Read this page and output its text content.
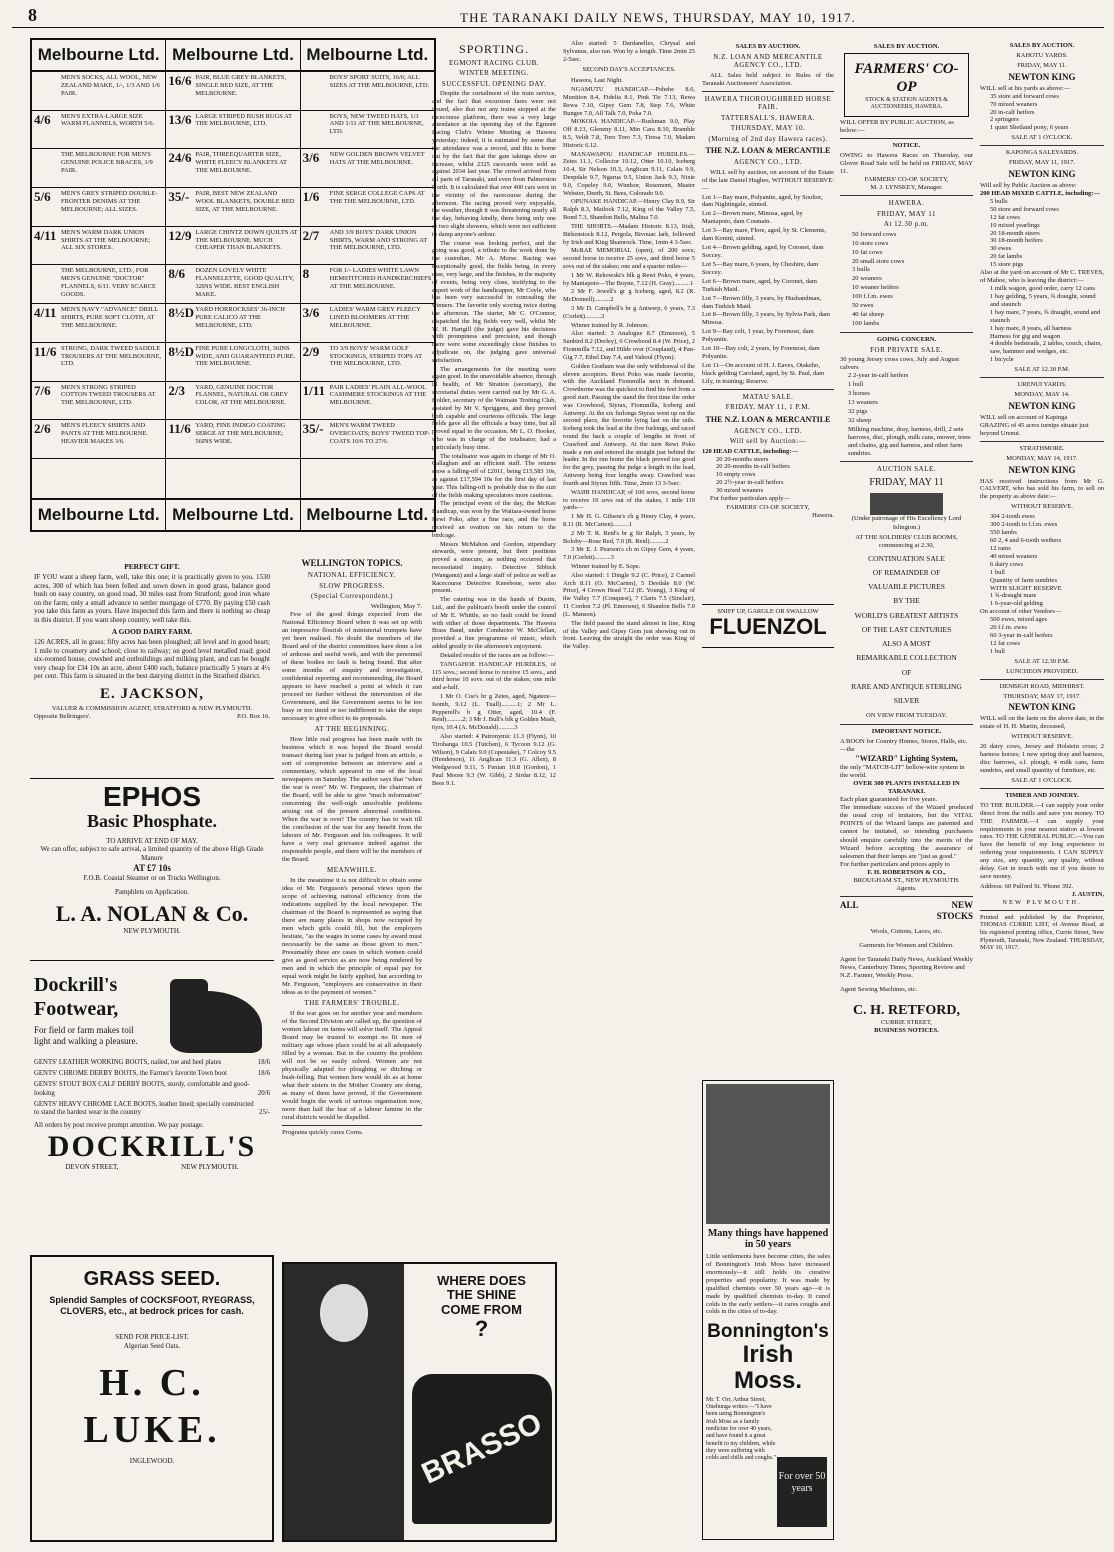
8	THE TARANAKI DAILY NEWS, THURSDAY, MAY 10, 1917.
Melbourne Ltd. Melbourne Ltd. Melbourne Ltd.
MEN'S SOCKS, ALL WOOL, NEW ZEALAND MAKE, 1/-, 1/3 AND 1/6 PAIR.
4/6	MEN'S EXTRA-LARGE SIZE WARM FLANNELS, WORTH 5/6.
THE MELBOURNE FOR MEN'S GENUINE POLICE BRACES, 1/9 PAIR.
5/6	MEN'S GREY STRIPED DOUBLE-FRONTER DENIMS AT THE MELBOURNE; ALL SIZES.
4/11 MEN'S WARM DARK UNION SHIRTS AT THE MELBOURNE; ALL SIX STORES.
THE MELBOURNE, LTD., FOR MEN'S GENUINE "DOCTOR" FLANNELS, 6/11. VERY SCARCE GOODS.
4/11 MEN'S NAVY "ADVANCE" DRILL SHIRTS, PURE SOFT CLOTH, AT THE MELBOURNE.
11/6 STRONG, DARK TWEED SADDLE TROUSERS AT THE MELBOURNE, LTD.
7/6	MEN'S STRONG STRIPED COTTON TWEED TROUSERS AT THE MELBOURNE, LTD.
2/6	MEN'S FLEECY SHIRTS AND PANTS AT THE MELBOURNE. HEAVIER MAKES 3/6.
16/6 PAIR, BLUE GREY BLANKETS, SINGLE BED SIZE, AT THE MELBOURNE.
13/6 LARGE STRIPED BUSH RUGS AT THE MELBOURNE, LTD.
24/6 PAIR, THREEQUARTER SIZE, WHITE FLEECY BLANKETS AT THE MELBOURNE.
35/- PAIR, BEST NEW ZEALAND WOOL BLANKETS, DOUBLE BED SIZE, AT THE MELBOURNE.
12/9 LARGE CHINTZ DOWN QUILTS AT THE MELBOURNE. MUCH CHEAPER THAN BLANKETS.
8/6	DOZEN LOVELY WHITE FLANNELETTE, GOOD QUALITY, 32INS WIDE. BEST ENGLISH MAKE.
8½D YARD HORROCKSES' 36-INCH PURE CALICO AT THE MELBOURNE, LTD.
8½D FINE PURE LONGCLOTH, 36INS WIDE, AND GUARANTEED PURE. THE MELBOURNE.
2/3	YARD, GENUINE DOCTOR FLANNEL, NATURAL OR GREY COLOR, AT THE MELBOURNE.
11/6 YARD, FINE INDIGO COATING SERGE AT THE MELBOURNE; 56INS WIDE.
BOYS' SPORT SUITS, 16/6; ALL SIZES AT THE MELBOURNE, LTD.
BOYS, NEW TWEED HATS, 1/3 AND 1/11 AT THE MELBOURNE, LTD.
3/6	NEW GOLDEN BROWN VELVET HATS AT THE MELBOURNE.
1/6	FINE SERGE COLLEGE CAPS AT THE THE MELBOURNE, LTD.
2/7	AND 3/9 BOYS' DARK UNION SHIRTS, WARM AND STRONG AT THE MELBOURNE, LTD.
8	FOR 1/- LADIES WHITE LAWN HEMSTITCHED HANDKERCHIEFS AT THE MELBOURNE.
3/6	LADIES' WARM GREY FLEECY LINED BLOOMERS AT THE MELBOURNE.
2/9	TO 3/9 BOYS' WARM GOLF STOCKINGS, STRIPED TOPS AT THE MELBOURNE, LTD.
1/11 PAIR LADIES' PLAIN ALL-WOOL CASHMERE STOCKINGS AT THE MELBOURNE.
35/- MEN'S WARM TWEED OVERCOATS; BOYS' TWEED TOP-COATS 10/6 TO 27/6.
Melbourne Ltd. Melbourne Ltd. Melbourne Ltd.
PERFECT GIFT.

IF YOU want a sheep farm, well, take this one; it is practically given to you. 1530 acres, 300 of which has been felled and sown down in good grass, balance good bush on easy country, on good road, 30 miles east from Stratford; good iron whare on the farm; only a small advance to settler mortgage of £770. By paying £50 cash you take this farm as yours. Have inspected this farm and there is nothing so cheap in this district. If you want sheep country, well take this.

A GOOD DAIRY FARM.

126 ACRES, all in grass; fifty acres has been ploughed; all level and in good heart; 1 mile to creamery and school; close to railway; on good level metalled road; good six-roomed house, cowshed and outbuildings and milking plant, and can be bought very cheap for £34 10s an acre, about £400 each, balance practically 5 years at 4½ per cent. This farm is situated in the best dairying district in the Stratford district.

E. JACKSON,
VALUER & COMMISSION AGENT, STRATFORD & NEW PLYMOUTH.
Opposite Bellringers'.	P.O. Box 16.
EPHOS
Basic Phosphate.
TO ARRIVE AT END OF MAY.
We can offer, subject to safe arrival, a limited quantity of the above High Grade Manure
AT £7 10s
F.O.B. Coastal Steamer or on Trucks Wellington.
Pamphlets on Application.
L. A. NOLAN & Co.
NEW PLYMOUTH.
Dockrill's
Footwear,
For field or farm makes toil light and walking a pleasure.
GENTS' LEATHER WORKING BOOTS, nailed, toe and heel plates	18/6
GENTS' CHROME DERBY BOOTS, the Farmer's favorite Town boot	18/6
GENTS' STOUT BOX CALF DERBY BOOTS, sturdy, comfortable and good-looking	20/6
GENTS' HEAVY CHROME LACE BOOTS, leather lined; specially constructed to stand the hardest wear in the country	25/-
All orders by post receive prompt attention. We pay postage.
DOCKRILL'S
DEVON STREET,	NEW PLYMOUTH.
GRASS SEED.
Splendid Samples of COCKSFOOT, RYEGRASS, CLOVERS, etc., at bedrock prices for cash.
SEND FOR PRICE-LIST.
Algerian Seed Oats.
H. C. LUKE.
INGLEWOOD.
WELLINGTON TOPICS.
NATIONAL EFFICIENCY.
SLOW PROGRESS.
(Special Correspondent.)
Wellington, May 7.

Few of the good things expected from the National Efficiency Board when it was set up with an impressive flourish of ministerial trumpets have yet been realised. No doubt the members of the Board and of the district committees have done a lot of arduous and useful work, and with the personnel of these bodies no fault is being found. But after some months of enquiry and investigation, confidential reporting and recommending, the Board appears to have reached a point at which it can proceed no further without the intervention of the Government, and the Government seems to be too busy or too timid or too indifferent to take the steps necessary to give effect to its proposals.

AT THE BEGINNING.

How little real progress has been made with its business which it was hoped the Board would transact during last year is judged from an article, a sort of compromise between an interview and a commentary, which appeared in one of the local newspapers on Saturday. The author says that "when the war is over" Mr. W. Ferguson, the chairman of the Board, will be able to give "much information" concerning the well-nigh unsolvable problems arising out of the present abnormal conditions. When the war is over! The country has to wait till the conclusion of the war for any benefit from the labours of Mr. Ferguson and his colleagues. It will have a very real grievance indeed against the responsible people, and there will be the members of the Board.

MEANWHILE.

In the meantime it is not difficult to obtain some idea of Mr. Ferguson's personal views upon the scope of achieving national efficiency from the indications supplied by the local newspaper. The chairman of the Board is represented as saying that there are many places in shops now occupied by men which girls could fill, but the employers hesitate, "as the wages in some cases by award must necessarily be the same as those given to men." Presumably these are cases in which women could give as good service as are now being rendered by men and in which the principle of equal pay for equal work might be fairly applied, but according to Mr. Ferguson, "employers are conservative in their ideas as to the payment of women."

THE FARMERS' TROUBLE.

If the war goes on for another year and members of the Second Division are called up, the question of women labour on farms will solve itself. The Appeal Board may be trusted to exempt no fit men of military age whose place could be at all adequately filled by a woman. But in the country the problem will not be so easily solved. Women are not physically adapted for ploughing or ditching or bush-felling. But women here would do as at home what their sisters in the Mother Country are doing, as many of them have proved, if the Government would begin the work of serious organisation now, more than half the fear of a labour famine in the rural districts would be dispelled.

Programs quickly cures Corns.
WHERE DOES
THE SHINE
COME FROM
?
BRASSO
SPORTING.
EGMONT RACING CLUB.
WINTER MEETING.
SUCCESSFUL OPENING DAY.

Despite the curtailment of the train service, and the fact that excursion fares were not issued, also that not any trains stopped at the racecourse platform, there was a very large attendance at the opening day of the Egmont Racing Club's Winter Meeting at Hawera yesterday; indeed, it is estimated by some that the attendance was a record, and this is borne out by the fact that the gate takings show an increase, whilst 2325 racecards were sold as against 2034 last year. The crowd arrived from all parts of Taranaki, and even from Palmerston North. It is calculated that over 400 cars were in the vicinity of the racecourse during the afternoon. The racing proved very enjoyable, the weather, though it was threatening nearly all the day, behaving kindly, there being only one or two slight showers, which were not sufficient to damp anyone's ardour.

The course was looking perfect, and the going was good, a tribute to the work done by the custodian, Mr A. Morse. Racing was exceptionally good, the fields being, in every case, very large, and the finishes, in the majority of events, being very close, testifying to the expert work of the handicapper, Mr Coyle, who has been very successful in concealing the winners. The favorite only scoring twice during the afternoon. The starter, Mr C. O'Connor, dispatched the big fields very well, whilst Mr W. H. Hartgill (the judge) gave his decisions with promptness and precision, and though there were some exceedingly close finishes to adjudicate on, the judging gave universal satisfaction.

The arrangements for the meeting were again good. In the unavoidable absence, through ill health, of Mr Stratton (secretary), the secretarial duties were carried out by Mr G. A. Holder, secretary of the Waimate Trotting Club, assisted by Mr V. Spriggens, and they proved both capable and courteous officials. The large fields gave all the officials a busy time, but all proved equal to the occasion. Mr L. O. Hooker, who was in charge of the totalisator, had a particularly busy time.

The totalisator was again in charge of Mr O. Callaghan and an efficient staff. The returns show a falling-off of £2011, being £15,583 10s, as against £17,594 10s for the first day of last year. This falling-off is probably due to the size of the fields making speculators more cautious.

The principal event of the day, the McKee Handicap, was won by the Waitara-owned horse Rewi Poko, after a fine race, and the horse received an ovation on his return to the birdcage.

Messrs McMahon and Gordon, stipendiary stewards, were present, but their positions proved a sinecure, as nothing occurred that necessitated inquiry. Detective Sibbick (Wanganui) and a large staff of police as well as Racecourse Detective Kneebone, were also present.

The catering was in the hands of Dustin, Ltd., and the publican's booth under the control of Mr E. Whittle, so no fault could be found with either of those departments. The Hawera Brass Band, under Conductor W. McClellan, provided a fine programme of music, which added greatly to the afternoon's enjoyment.

Detailed results of the races are as follow:—

TANGAHOE HANDICAP HURDLES, of 115 sovs.; second horse to receive 15 sovs., and third horse 10 sovs. out of the stakes; one mile and a-half.

1 Mr O. Coe's br g Zetes, aged, Ngateze—Isomb, 9.12 (L. Tuall)..........1; 2 Mr L. Pepperell's b g Otter, aged, 10.4 (F. Reid)..........2; 3 Mr J. Bull's blk g Golden Mash, 6yrs, 10.4 (A. McDonald)..........3

Also started: 4 Patronymic 11.3 (Flynn), 10 Tirohanga 10.5 (Tutchen), 6 Tycoon 9.12 (G. Wilson), 9 Calais 9.0 (Copestake), 7 Colcoy 9.5 (Henderson), 11 Anglican 11.3 (G. Allen), 8 Wedgwood 9.11, 5 Fenian 10.8 (Gordon), 1 Paul Moore 9.3 (W. Gibb), 2 Sirdar 8.12, 12 Bees 9.1.

Also started: 5 Dardanelles, Chrysal and Sylvanus, also ran. Won by a length. Time 2min 25 2-5sec.

SECOND DAY'S ACCEPTANCES.

Hawera, Last Night.

NGAMUTU HANDICAP.—Pohehe 8.6, Munition 8.4, Fidelia 8.1, Pink Tie 7.13, Rewa Rewa 7.10, Gipsy Gem 7.8, Step 7.6, White Bungee 7.0, All Talk 7.0, Poka 7.0.

MOKOIA HANDICAP.—Bushman 9.0, Play Off 8.13, Gleneny 8.11, Min Cara 8.10, Bramble 8.5, Veldt 7.8, Toro Toro 7.3, Tiresa 7.0, Madam Historic 6.12.

MANAWAPOU HANDICAP HURDLES.—Zetes 11.1, Collector 10.12, Otter 10.10, Iceberg 10.4, Sir Nelson 10.3, Anglican 9.11, Calais 9.9, Deepdale 9.7, Ngarua 9.5, Union Jack 9.3, Nixie 9.0, Copeley 9.0, Windsor, Rosemont, Master Webster, Deeth, St. Bees, Colorado 9.0.

OPUNAKE HANDICAP.—Henry Clay 8.9, Sir Ralph 8.3, Matlock 7.12, King of the Valley 7.5, Bond 7.3, Shandon Bells, Malina 7.0.

THE SHORTS.—Madam Historic 8.13, Irish, Birkenstock 8.12, Pergola, Bivouac lark, followed by Irish and King Shamrock. Time, 1min 4 3-5sec.

McRAE MEMORIAL (open), of 200 sovs; second horse to receive 25 sovs, and third horse 5 sovs out of the stakes; one and a quarter miles—

1 Mr W. Rekowski's blk g Rewi Poko, 4 years, by Maniapoto—The Boyne, 7.12 (H. Gray)..........1

2 Mr F. Jewell's gr g Iceberg, aged, 8.2 (R. McDonnell)..........2

3 Mr D. Campbell's br g Antwerp, 6 years, 7.3 (Corlett)..........3

Winner trained by R. Johnson.

Also started: 3 Analogue 8.7 (Emerson), 5 Sunbird 8.2 (Derley), 6 Crowbood 8.4 (W. Price), 2 Fiommilla 7.12, and Hilde over (Coupland), 4 Pan-Gig 7.7, Ethel Day 7.4, and Vahoul (Flynn).

Golden Gratham was the only withdrawal of the eleven acceptors. Rewi Poko was made favorite, with the Auckland Fiommilla next in demand. Crowthorne was the quickest to find his feet from a good start. Passing the stand the first time the order was Crowbood, Styrax, Fiommilla, Iceberg and Antwerp. At the six furlongs Styrax went up on the second place, the favorite lying last on the rails. Iceberg took the lead at the five furlongs, and raced round the back a couple of lengths in front of Crawford and Antwerp. At the turn Rewi Poko made a run and entered the straight just behind the leader. In the run home the black proved too good for the grey, passing the judge a length in the lead, Antwerp being four lengths away. Crawford was fourth and Styrax fifth. Time, 2min 13 3-5sec.

WAIHI HANDICAP, of 100 sovs, second horse to receive 10 sovs out of the stakes, 1 mile 110 yards—

1 Mr H. G. Gibson's ch g Henry Clay, 4 years, 8.11 (R. McCarten)..........1

2 Mr T. R. Reid's br g Sir Ralph, 3 years, by Boloby—Rose Red, 7.0 (R. Reid)..........2

3 Mr E. J. Pearson's ch m Gipsy Gem, 4 years, 7.0 (Corlett)..........3

Winner trained by E. Sope.

Also started: 1 Dingle 9.2 (C. Price), 2 Carmel Arch 8.11 (O. McCarten), 5 Deedale 8.0 (W. Price), 4 Crown Head 7.12 (E. Young), 3 King of the Valley 7.7 (Conquest), 7 Clarts 7.5 (Sinclair), 11 Cordon 7.2 (Pl. Emerson), 6 Shandon Bells 7.0 (L. Manson).

The field passed the stand almost in line, King of the Valley and Gipsy Gem just showing out in front. Leaving the straight the order was King of the Valley.

SALES BY AUCTION.
N.Z. LOAN AND MERCANTILE AGENCY CO., LTD.

ALL Sales held subject to Rules of the Taranaki Auctioneers' Association.

HAWERA THOROUGHBRED HORSE FAIR.
TATTERSALL'S, HAWERA.
THURSDAY, MAY 10.
(Morning of 2nd day Hawera races).
THE N.Z. LOAN & MERCANTILE
AGENCY CO., LTD.

WILL sell by auction, on account of the Estate of the late Daniel Hughes, WITHOUT RESERVE:—

Lot 1—Bay mare, Polyanite, aged, by Soultor, dam Nightingale, stinted.
Lot 2—Brown mare, Minosa, aged, by Maniapoto, dam Cosmain.
Lot 3—Bay mare, Flore, aged, by St. Clements, dam Konini, stinted.
Lot 4—Brown gelding, aged, by Coronet, dam Soccey.
Lot 5—Bay mare, 6 years, by Cheshire, dam Soccey.
Lot 6—Brown mare, aged, by Coronet, dam Turkish Maid.
Lot 7—Brown filly, 3 years, by Husbandman, dam Turkish Maid.
Lot 8—Brown filly, 3 years, by Sylvia Park, dam Minosa.
Lot 9—Bay colt, 1 year, by Foremost, dam Polyanite.
Lot 10—Bay colt, 2 years, by Foremost, dam Polyanite.
Lot 11—On account of H. J. Eaves, Otakeho, black gelding Caroland, aged, by St. Paul, dam Lily, in training; Reserve.
MATAU SALE.
FRIDAY, MAY 11, 1 P.M.
THE N.Z. LOAN & MERCANTILE
AGENCY CO., LTD.
Will sell by Auction:—
120 HEAD CATTLE, including:—
20 20-months steers
20 20-months in-calf heifers
10 empty cows
20 2½-year in-calf heifers
30 mixed weaners

For further particulars apply—

FARMERS' CO-OP. SOCIETY,
Hawera.
SNIFF UP, GARGLE OR SWALLOW
FLUENZOL
Many things have happened in 50 years

Little settlements have become cities, the sales of Bonnington's Irish Moss have increased enormously—it still holds its curative properties and popularity. It was made by qualified chemists over 50 years ago—it is made by qualified chemists to-day. It cured colds in the early settlers—it cures coughs and colds in the cities of to-day.

Bonnington's
Irish Moss.

Mr. T. Orr, Arthur Street, Onehunga writes:—"I have been using Bonnington's Irish Moss as a family medicine for over 40 years, and have found it a great benefit to my children, while they were suffering with colds and chills and coughs."

For over 50 years
SALES BY AUCTION.
FARMERS' CO-OP
STOCK & STATION AGENTS & AUCTIONEERS, HAWERA.

WILL OFFER BY PUBLIC AUCTION, as below:—

NOTICE.

OWING to Hawera Races on Thursday, our Glover Road Sale will be held on FRIDAY, MAY 11.

FARMERS' CO-OP. SOCIETY,
M. J. LYNSKEY, Manager.
HAWERA.
FRIDAY, MAY 11
At 12.30 p.m.
50 forward cows
10 store cows
10 fat cows
20 small store cows
3 bulls
20 weaners
10 weaner heifers
100 f.f.m. ewes
50 ewes
40 fat sheep
100 lambs
GOING CONCERN.
FOR PRIVATE SALE.

30 young Jersey cross cows, July and August calvers

2 2-year in-calf heifers
1 bull
3 horses
13 weaners
32 pigs
32 sheep

Milking machine, dray, harness, drill, 2 sets harrows, disc, plough, milk cans, mower, trees and chains, gig and harness, and other farm sundries.

AUCTION SALE.
FRIDAY, MAY 11
(Under patronage of His Excellency Lord Islington.)
AT THE SOLDIERS' CLUB ROOMS, commencing at 2.30,
CONTINUATION SALE
OF REMAINDER OF
VALUABLE PICTURES
BY THE
WORLD'S GREATEST ARTISTS
OF THE LAST CENTURIES
ALSO A MOST
REMARKABLE COLLECTION
OF
RARE AND ANTIQUE STERLING
SILVER
ON VIEW FROM TUESDAY.
IMPORTANT NOTICE.

A BOON for Country Homes, Stores, Halls, etc.—the

"WIZARD" Lighting System,

the only "MATCH-LIT" hollow-wire system in the world.

OVER 300 PLANTS INSTALLED IN TARANAKI.

Each plant guaranteed for five years.

The immediate success of the Wizard produced the usual crop of imitators, but the VITAL POINTS of the Wizard lamps are patented and cannot be imitated, so intending purchasers should enquire carefully into the merits of the Wizard before accepting the assurance of salesmen that their lamps are "just as good."

For further particulars and prices apply to

F. H. ROBERTSON & CO.,
BROUGHAM ST., NEW PLYMOUTH.
Agents.
ALL	NEW
STOCKS

Wools, Cottons, Laces, etc.

Garments for Women and Children.

Agent for Taranaki Daily News, Auckland Weekly News, Canterbury Times, Sporting Review and N.Z. Farmer, Weekly Press.

Agent Sewing Machines, etc.

C. H. RETFORD,
CURRIE STREET,
BUSINESS NOTICES.
SALES BY AUCTION.
RAHOTU YARDS.
FRIDAY, MAY 11.
NEWTON KING

WILL sell at his yards as above:—

35 store and forward cows
70 mixed weaners
20 in-calf heifers
2 springers
1 quiet Shetland pony, 6 years
SALE AT 1 O'CLOCK.
KAPONGA SALEYARDS.
FRIDAY, MAY 11, 1917.
NEWTON KING

Will sell by Public Auction as above:

200 HEAD MIXED CATTLE, including:—
5 bulls
50 store and forward cows
12 fat cows
10 mixed yearlings
20 18-month steers
30 18-month heifers
30 ewes
20 fat lambs
15 store pigs

Also at the yard on account of Mr C. TREVES, of Mahoe, who is leaving the district:—

1 milk wagon, good order, carry 12 cans
1 bay gelding, 5 years, ¾ draught, sound and staunch
1 bay mare, 7 years, ¾ draught, sound and staunch
1 bay mare, 8 years, all harness
Harness for gig and wagon
4 double bedsteads, 2 tables, couch, chairs, saw, hammer and wedges, etc.
1 bicycle
SALE AT 12.30 P.M.
URENUI YARDS.
MONDAY, MAY 14.
NEWTON KING

WILL sell on account of Kapinga

GRAZING of 45 acres turnips situate just beyond Urenui.

STRATHMORE.
MONDAY, MAY 14, 1917.
NEWTON KING

HAS received instructions from Mr G. CALVERT, who has sold his farm, to sell on the property as above date:—

WITHOUT RESERVE.
304 2-tooth ewes
300 2-tooth to f.f.m. ewes
550 lambs
60 2, 4 and 6-tooth wethers
12 rams
40 mixed weaners
6 dairy cows
1 bull
Quantity of farm sundries
WITH SLIGHT RESERVE
1 ¾-draught mare
1 6-year-old gelding

On account of other Vendors—

500 ewes, mixed ages
20 f.f.m. ewes
60 3-year in-calf heifers
12 fat cows
1 bull
SALE AT 12.30 P.M.
LUNCHEON PROVIDED.
DENBIGH ROAD, MIDHIRST.
THURSDAY, MAY 17, 1917.
NEWTON KING

WILL sell on the farm on the above date, in the estate of H. H. Martin, deceased,

WITHOUT RESERVE.

20 dairy cows, Jersey and Holstein cross; 2 harness horses; 1 new spring dray and harness, disc harrows, s.f. plough, 4 milk cans, farm sundries, and small quantity of furniture, etc.

SALE AT 1 O'CLOCK.
TIMBER AND JOINERY.

TO THE BUILDER.—I can supply your order direct from the mills and save you money. TO THE FARMER.—I can supply your requirements to your nearest station at lowest rates. TO THE GENERAL PUBLIC.—You can have the benefit of my long experience in ordering your requirements. I CAN SUPPLY any size, any quantity, any quality, without delay. Get in touch with me if you desire to save money.

Address: 60 Pulford St. 'Phone 392.
J. AUSTIN,
NEW PLYMOUTH.

Printed and published by the Proprietor, THOMAS CURRIE LIST, of Avenue Road, at his registered printing office, Currie Street, New Plymouth, Taranaki, New Zealand. THURSDAY, MAY 10, 1917.
